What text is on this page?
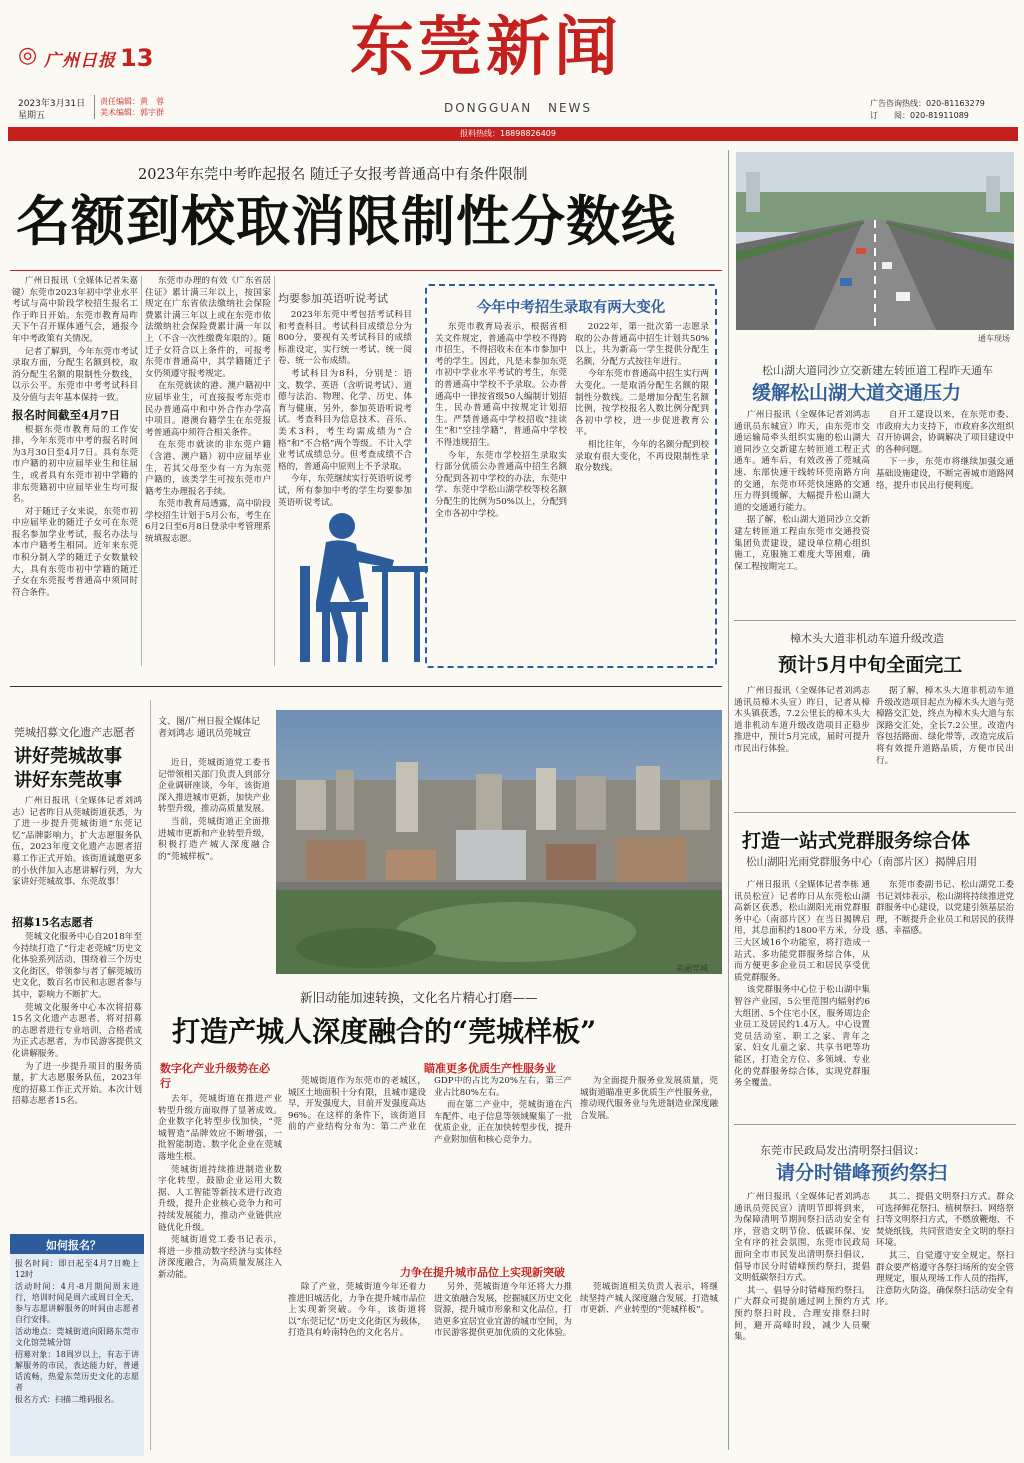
◎ 广州日报 13	东莞新闻
DONGGUAN NEWS
2023年3月31日
星期五
责任编辑：黄　蓉
美术编辑：郭宇群
广告咨询热线：020-81163279
订　　阅：020-81911089
报料热线：18898826409
2023年东莞中考昨起报名 随迁子女报考普通高中有条件限制
名额到校取消限制性分数线

广州日报讯（全媒体记者朱嘉键）东莞市2023年初中学业水平考试与高中阶段学校招生报名工作于昨日开始。东莞市教育局昨天下午召开媒体通气会，通报今年中考政策有关情况。

记者了解到，今年东莞市考试录取方面，分配生名额到校，取消分配生名额的限制性分数线，以示公平。东莞市中考考试科目及分值与去年基本保持一致。

报名时间截至4月7日

根据东莞市教育局的工作安排，今年东莞市中考的报名时间为3月30日至4月7日。具有东莞市户籍的初中应届毕业生和往届生，或者具有东莞市初中学籍的非东莞籍初中应届毕业生均可报名。

对于随迁子女来说，东莞市初中应届毕业的随迁子女可在东莞报名参加学业考试，报名办法与本市户籍考生相同。近年来东莞市积分制入学的随迁子女数量较大，具有东莞市初中学籍的随迁子女在东莞报考普通高中须同时符合条件。

东莞市办理的有效《广东省居住证》累计满三年以上，按国家规定在广东省依法缴纳社会保险费累计满三年以上或在东莞市依法缴纳社会保险费累计满一年以上（不含一次性缴费年限的）。随迁子女符合以上条件的，可报考东莞市普通高中，其学籍随迁子女仍须遵守报考规定。

在东莞就读的港、澳户籍初中应届毕业生，可直接报考东莞市民办普通高中和中外合作办学高中项目。港澳台籍学生在东莞报考普通高中须符合相关条件。

在东莞市就读的非东莞户籍（含港、澳户籍）初中应届毕业生，若其父母至少有一方为东莞户籍的，该类学生可按东莞市户籍考生办理报名手续。

东莞市教育局透露，高中阶段学校招生计划于5月公布，考生在6月2日至6月8日登录中考管理系统填报志愿。

均要参加英语听说考试

2023年东莞中考包括考试科目和考查科目。考试科目成绩总分为800分，要视有关考试科目的成绩标准设定，实行统一考试、统一阅卷、统一公布成绩。

考试科目为8科，分别是：语文、数学、英语（含听说考试）、道德与法治、物理、化学、历史、体育与健康，另外，参加英语听说考试。考查科目为信息技术、音乐、美术3科，考生均需成绩为“合格”和“不合格”两个等级。不计入学业考试成绩总分。但考查成绩不合格的，普通高中原则上不予录取。

今年，东莞继续实行英语听说考试，所有参加中考的学生均要参加英语听说考试。

今年中考招生录取有两大变化

东莞市教育局表示，根据省相关文件规定，普通高中学校不得跨市招生，不得招收未在本市参加中考的学生。因此，凡是未参加东莞市初中学业水平考试的考生，东莞的普通高中学校不予录取。公办普通高中一律按省级50人编制计划招生，民办普通高中按规定计划招生。严禁普通高中学校招收“挂读生”和“空挂学籍”，普通高中学校不得违规招生。

今年，东莞市学校招生录取实行部分优质公办普通高中招生名额分配到各初中学校的办法，东莞中学、东莞中学松山湖学校等校名额分配生的比例为50%以上，分配到全市各初中学校。

2022年，第一批次第一志愿录取的公办普通高中招生计划共50%以上，共为新高一学生提供分配生名额，分配方式按往年进行。

今年东莞市普通高中招生实行两大变化。一是取消分配生名额的限制性分数线。二是增加分配生名额比例，按学校报名人数比例分配到各初中学校，进一步促进教育公平。

相比往年，今年的名额分配到校录取有很大变化，不再设限制性录取分数线。

通车现场
松山湖大道同沙立交新建左转匝道工程昨天通车
缓解松山湖大道交通压力

广州日报讯（全媒体记者刘鸿志 通讯员东城宣）昨天，由东莞市交通运输局牵头组织实施的松山湖大道同沙立交新建左转匝道工程正式通车。通车后，有效改善了莞城高速、东部快速干线转环莞南路方向的交通，东莞市环莞快速路的交通压力得到缓解，大幅提升松山湖大道的交通通行能力。

据了解，松山湖大道同沙立交新建左转匝道工程由东莞市交通投资集团负责建设，建设单位精心组织施工，克服施工难度大等困难，确保工程按期完工。

自开工建设以来，在东莞市委、市政府大力支持下，市政府多次组织召开协调会，协调解决了项目建设中的各种问题。

下一步，东莞市将继续加强交通基础设施建设，不断完善城市道路网络，提升市民出行便利度。

樟木头大道非机动车道升级改造
预计5月中旬全面完工

广州日报讯（全媒体记者刘鸿志 通讯员樟木头宣）昨日，记者从樟木头镇获悉，7.2公里长的樟木头大道非机动车道升级改造项目正稳步推进中，预计5月完成，届时可提升市民出行体验。

据了解，樟木头大道非机动车道升级改造项目起点为樟木头大道与莞樟路交汇处，终点为樟木头大道与东深路交汇处，全长7.2公里。改造内容包括路面、绿化带等，改造完成后将有效提升道路品质，方便市民出行。

打造一站式党群服务综合体
松山湖阳光雨党群服务中心（南部片区）揭牌启用

广州日报讯（全媒体记者李栋 通讯员松宣）记者昨日从东莞松山湖高新区获悉，松山湖阳光雨党群服务中心（南部片区）在当日揭牌启用，其总面积约1800平方米，分设三大区域16个功能室，将打造成一站式、多功能党群服务综合体，从而方便更多企业员工和居民享受优质党群服务。

该党群服务中心位于松山湖中集智谷产业园，5公里范围内辐射约6大组团、5个住宅小区，服务周边企业员工及居民约1.4万人。中心设置党员活动室、职工之家、青年之家、妇女儿童之家、共享书吧等功能区，打造全方位、多领域、专业化的党群服务综合体，实现党群服务全覆盖。

东莞市委副书记、松山湖党工委书记刘炜表示，松山湖将持续推进党群服务中心建设，以党建引领基层治理，不断提升企业员工和居民的获得感、幸福感。

东莞市民政局发出清明祭扫倡议：
请分时错峰预约祭扫

广州日报讯（全媒体记者刘鸿志 通讯员莞民宣）清明节即将到来，为保障清明节期间祭扫活动安全有序，营造文明节俭、低碳环保、安全有序的社会氛围，东莞市民政局面向全市市民发出清明祭扫倡议，倡导市民分时错峰预约祭扫，提倡文明低碳祭扫方式。

其一、倡导分时错峰预约祭扫。广大群众可提前通过网上预约方式预约祭扫时段，合理安排祭扫时间，避开高峰时段，减少人员聚集。

其二、提倡文明祭扫方式。群众可选择鲜花祭扫、植树祭扫、网络祭扫等文明祭扫方式，不燃放鞭炮、不焚烧纸钱，共同营造安全文明的祭扫环境。

其三、自觉遵守安全规定。祭扫群众要严格遵守各祭扫场所的安全管理规定，服从现场工作人员的指挥，注意防火防盗，确保祭扫活动安全有序。

莞城招募文化遗产志愿者
讲好莞城故事
讲好东莞故事

广州日报讯（全媒体记者刘鸿志）记者昨日从莞城街道获悉，为了进一步提升莞城街道“东莞记忆”品牌影响力，扩大志愿服务队伍，2023年度文化遗产志愿者招募工作正式开始。该街道诚邀更多的小伙伴加入志愿讲解行列，为大家讲好莞城故事、东莞故事！

招募15名志愿者

莞城文化服务中心自2018年至今持续打造了“行走老莞城”历史文化体验系列活动，围绕着三个历史文化街区，带领参与者了解莞城历史文化，数百名市民和志愿者参与其中，影响力不断扩大。

莞城文化服务中心本次将招募15名文化遗产志愿者，将对招募的志愿者进行专业培训，合格者成为正式志愿者，为市民游客提供文化讲解服务。

为了进一步提升项目的服务质量，扩大志愿服务队伍，2023年度的招募工作正式开始。本次计划招募志愿者15名。

如何报名？

报名时间：即日起至4月7日晚上12时

活动时间：4月-8月期间周末进行，培训时间是周六或周日全天，参与志愿讲解服务的时间由志愿者自行安排。

活动地点：莞城街道向阳路东莞市文化馆莞城分馆

招募对象：18周岁以上，有志于讲解服务的市民，表达能力好，普通话流畅，热爱东莞历史文化的志愿者

报名方式：扫描二维码报名。

文、图/广州日报全媒体记者刘鸿志 通讯员莞城宣

近日，莞城街道党工委书记带领相关部门负责人到部分企业调研座谈，今年，该街道深入推进城市更新，加快产业转型升级，推动高质量发展。

当前，莞城街道正全面推进城市更新和产业转型升级，积极打造产城人深度融合的“莞城样板”。

美丽莞城
新旧动能加速转换，文化名片精心打磨——
打造产城人深度融合的“莞城样板”
数字化产业升级势在必行

去年，莞城街道在推进产业转型升级方面取得了显著成效。企业数字化转型步伐加快，“莞城智造”品牌效应不断增强，一批智能制造、数字化企业在莞城落地生根。

莞城街道持续推进制造业数字化转型，鼓励企业运用大数据、人工智能等新技术进行改造升级，提升企业核心竞争力和可持续发展能力，推动产业链供应链优化升级。

莞城街道党工委书记表示，将进一步推动数字经济与实体经济深度融合，为高质量发展注入新动能。

瞄准更多优质生产性服务业

莞城街道作为东莞市的老城区，城区土地面积十分有限，且城市建设早，开发强度大，目前开发强度高达96%。在这样的条件下，该街道目前的产业结构分布为：第二产业在GDP中的占比为20%左右，第三产业占比80%左右。

而在第二产业中，莞城街道在汽车配件、电子信息等领域聚集了一批优质企业，正在加快转型步伐，提升产业附加值和核心竞争力。

为全面提升服务业发展质量，莞城街道瞄准更多优质生产性服务业，推动现代服务业与先进制造业深度融合发展。

力争在提升城市品位上实现新突破

除了产业，莞城街道今年还着力推进旧城活化，力争在提升城市品位上实现新突破。今年，该街道将以“东莞记忆”历史文化街区为载体，打造具有岭南特色的文化名片。

另外，莞城街道今年还将大力推进文旅融合发展，挖掘城区历史文化资源，提升城市形象和文化品位，打造更多宜居宜业宜游的城市空间，为市民游客提供更加优质的文化体验。

莞城街道相关负责人表示，将继续坚持产城人深度融合发展，打造城市更新、产业转型的“莞城样板”。
